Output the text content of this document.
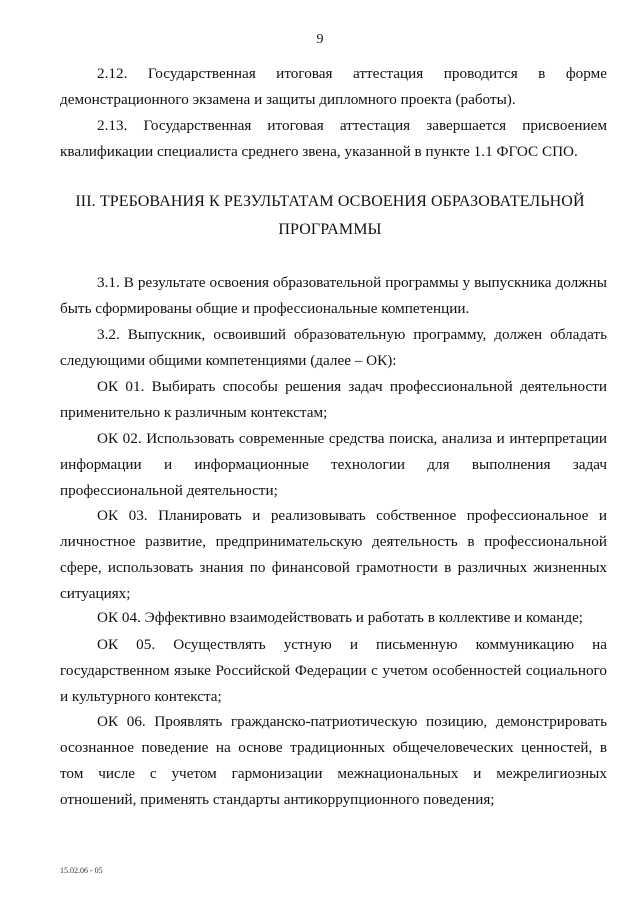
9

2.12. Государственная итоговая аттестация проводится в форме демонстрационного экзамена и защиты дипломного проекта (работы).

2.13. Государственная итоговая аттестация завершается присвоением квалификации специалиста среднего звена, указанной в пункте 1.1 ФГОС СПО.

III. ТРЕБОВАНИЯ К РЕЗУЛЬТАТАМ ОСВОЕНИЯ ОБРАЗОВАТЕЛЬНОЙ
ПРОГРАММЫ

3.1. В результате освоения образовательной программы у выпускника должны быть сформированы общие и профессиональные компетенции.

3.2. Выпускник, освоивший образовательную программу, должен обладать следующими общими компетенциями (далее – ОК):

ОК 01. Выбирать способы решения задач профессиональной деятельности применительно к различным контекстам;

ОК 02. Использовать современные средства поиска, анализа и интерпретации информации и информационные технологии для выполнения задач профессиональной деятельности;

ОК 03. Планировать и реализовывать собственное профессиональное и личностное развитие, предпринимательскую деятельность в профессиональной сфере, использовать знания по финансовой грамотности в различных жизненных ситуациях;

ОК 04. Эффективно взаимодействовать и работать в коллективе и команде;

ОК 05. Осуществлять устную и письменную коммуникацию на государственном языке Российской Федерации с учетом особенностей социального и культурного контекста;

ОК 06. Проявлять гражданско-патриотическую позицию, демонстрировать осознанное поведение на основе традиционных общечеловеческих ценностей, в том числе с учетом гармонизации межнациональных и межрелигиозных отношений, применять стандарты антикоррупционного поведения;

15.02.06 - 05
